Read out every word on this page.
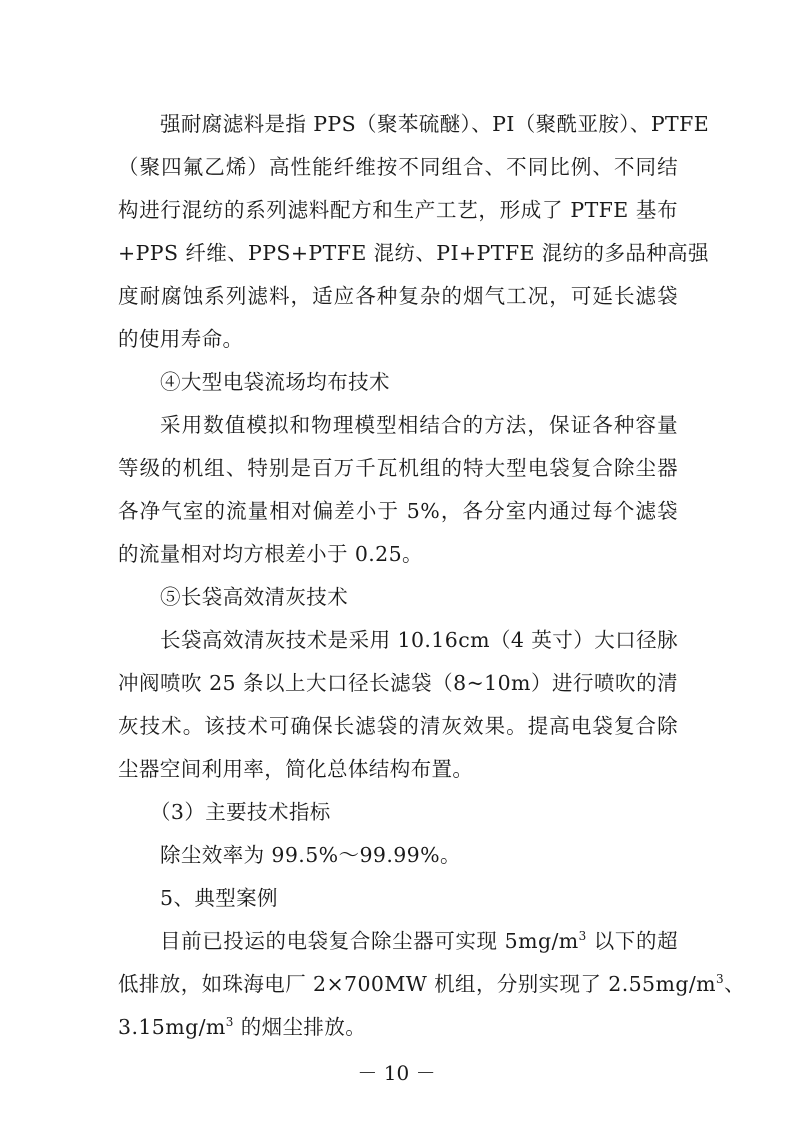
强耐腐滤料是指 PPS（聚苯硫醚）、PI（聚酰亚胺）、PTFE
（聚四氟乙烯）高性能纤维按不同组合、不同比例、不同结
构进行混纺的系列滤料配方和生产工艺，形成了 PTFE 基布
+PPS 纤维、PPS+PTFE 混纺、PI+PTFE 混纺的多品种高强
度耐腐蚀系列滤料，适应各种复杂的烟气工况，可延长滤袋
的使用寿命。
④大型电袋流场均布技术
采用数值模拟和物理模型相结合的方法，保证各种容量
等级的机组、特别是百万千瓦机组的特大型电袋复合除尘器
各净气室的流量相对偏差小于 5%，各分室内通过每个滤袋
的流量相对均方根差小于 0.25。
⑤长袋高效清灰技术
长袋高效清灰技术是采用 10.16cm（4 英寸）大口径脉
冲阀喷吹 25 条以上大口径长滤袋（8~10m）进行喷吹的清
灰技术。该技术可确保长滤袋的清灰效果。提高电袋复合除
尘器空间利用率，简化总体结构布置。
（3）主要技术指标
除尘效率为 99.5%～99.99%。
5、典型案例
目前已投运的电袋复合除尘器可实现 $5mg/m^3$ 以下的超
低排放，如珠海电厂 2×700MW 机组，分别实现了 $2.55mg/m^3$、
$3.15mg/m^3$ 的烟尘排放。
－ 10 －
